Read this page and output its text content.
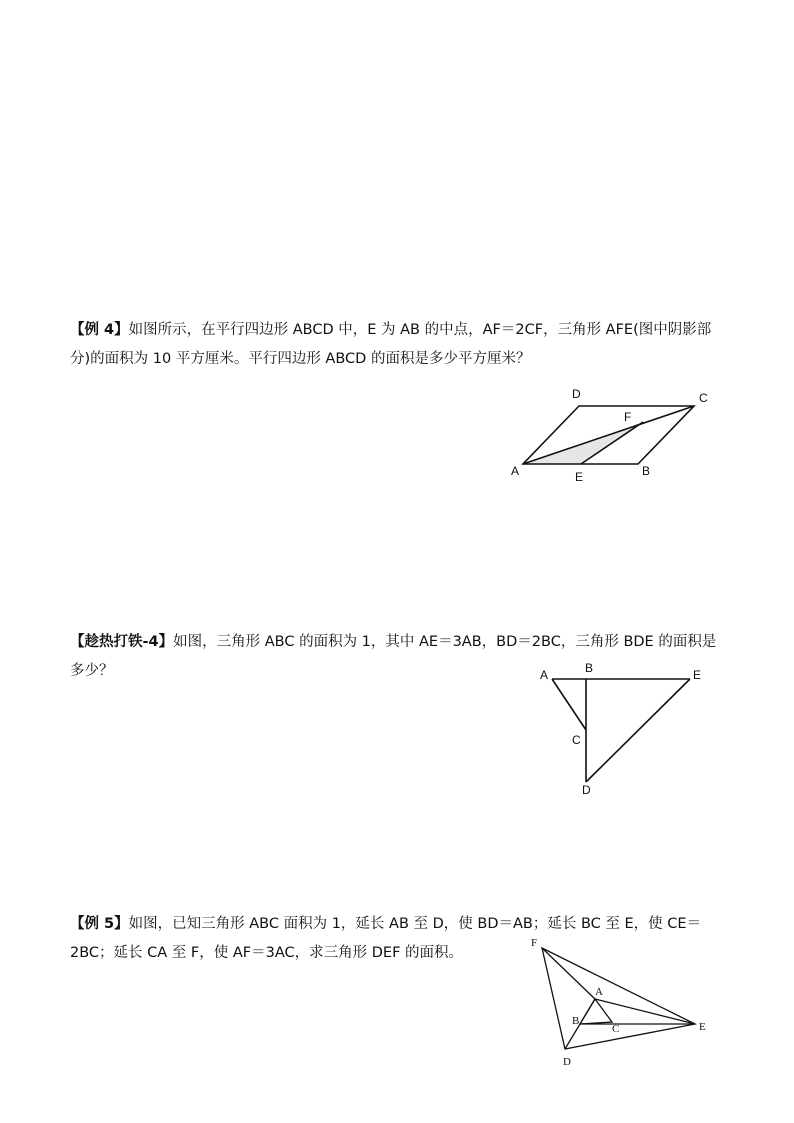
【例 4】如图所示，在平行四边形 ABCD 中，E 为 AB 的中点，AF＝2CF，三角形 AFE(图中阴影部分)的面积为 10 平方厘米。平行四边形 ABCD 的面积是多少平方厘米？
D	C
F
A	E	B
【趁热打铁-4】如图，三角形 ABC 的面积为 1，其中 AE＝3AB，BD＝2BC，三角形 BDE 的面积是多少？	A	B	E
C
D
【例 5】如图，已知三角形 ABC 面积为 1，延长 AB 至 D，使 BD＝AB；延长 BC 至 E，使 CE＝2BC；延长 CA 至 F，使 AF＝3AC，求三角形 DEF 的面积。
F
A
B
C	E
D
